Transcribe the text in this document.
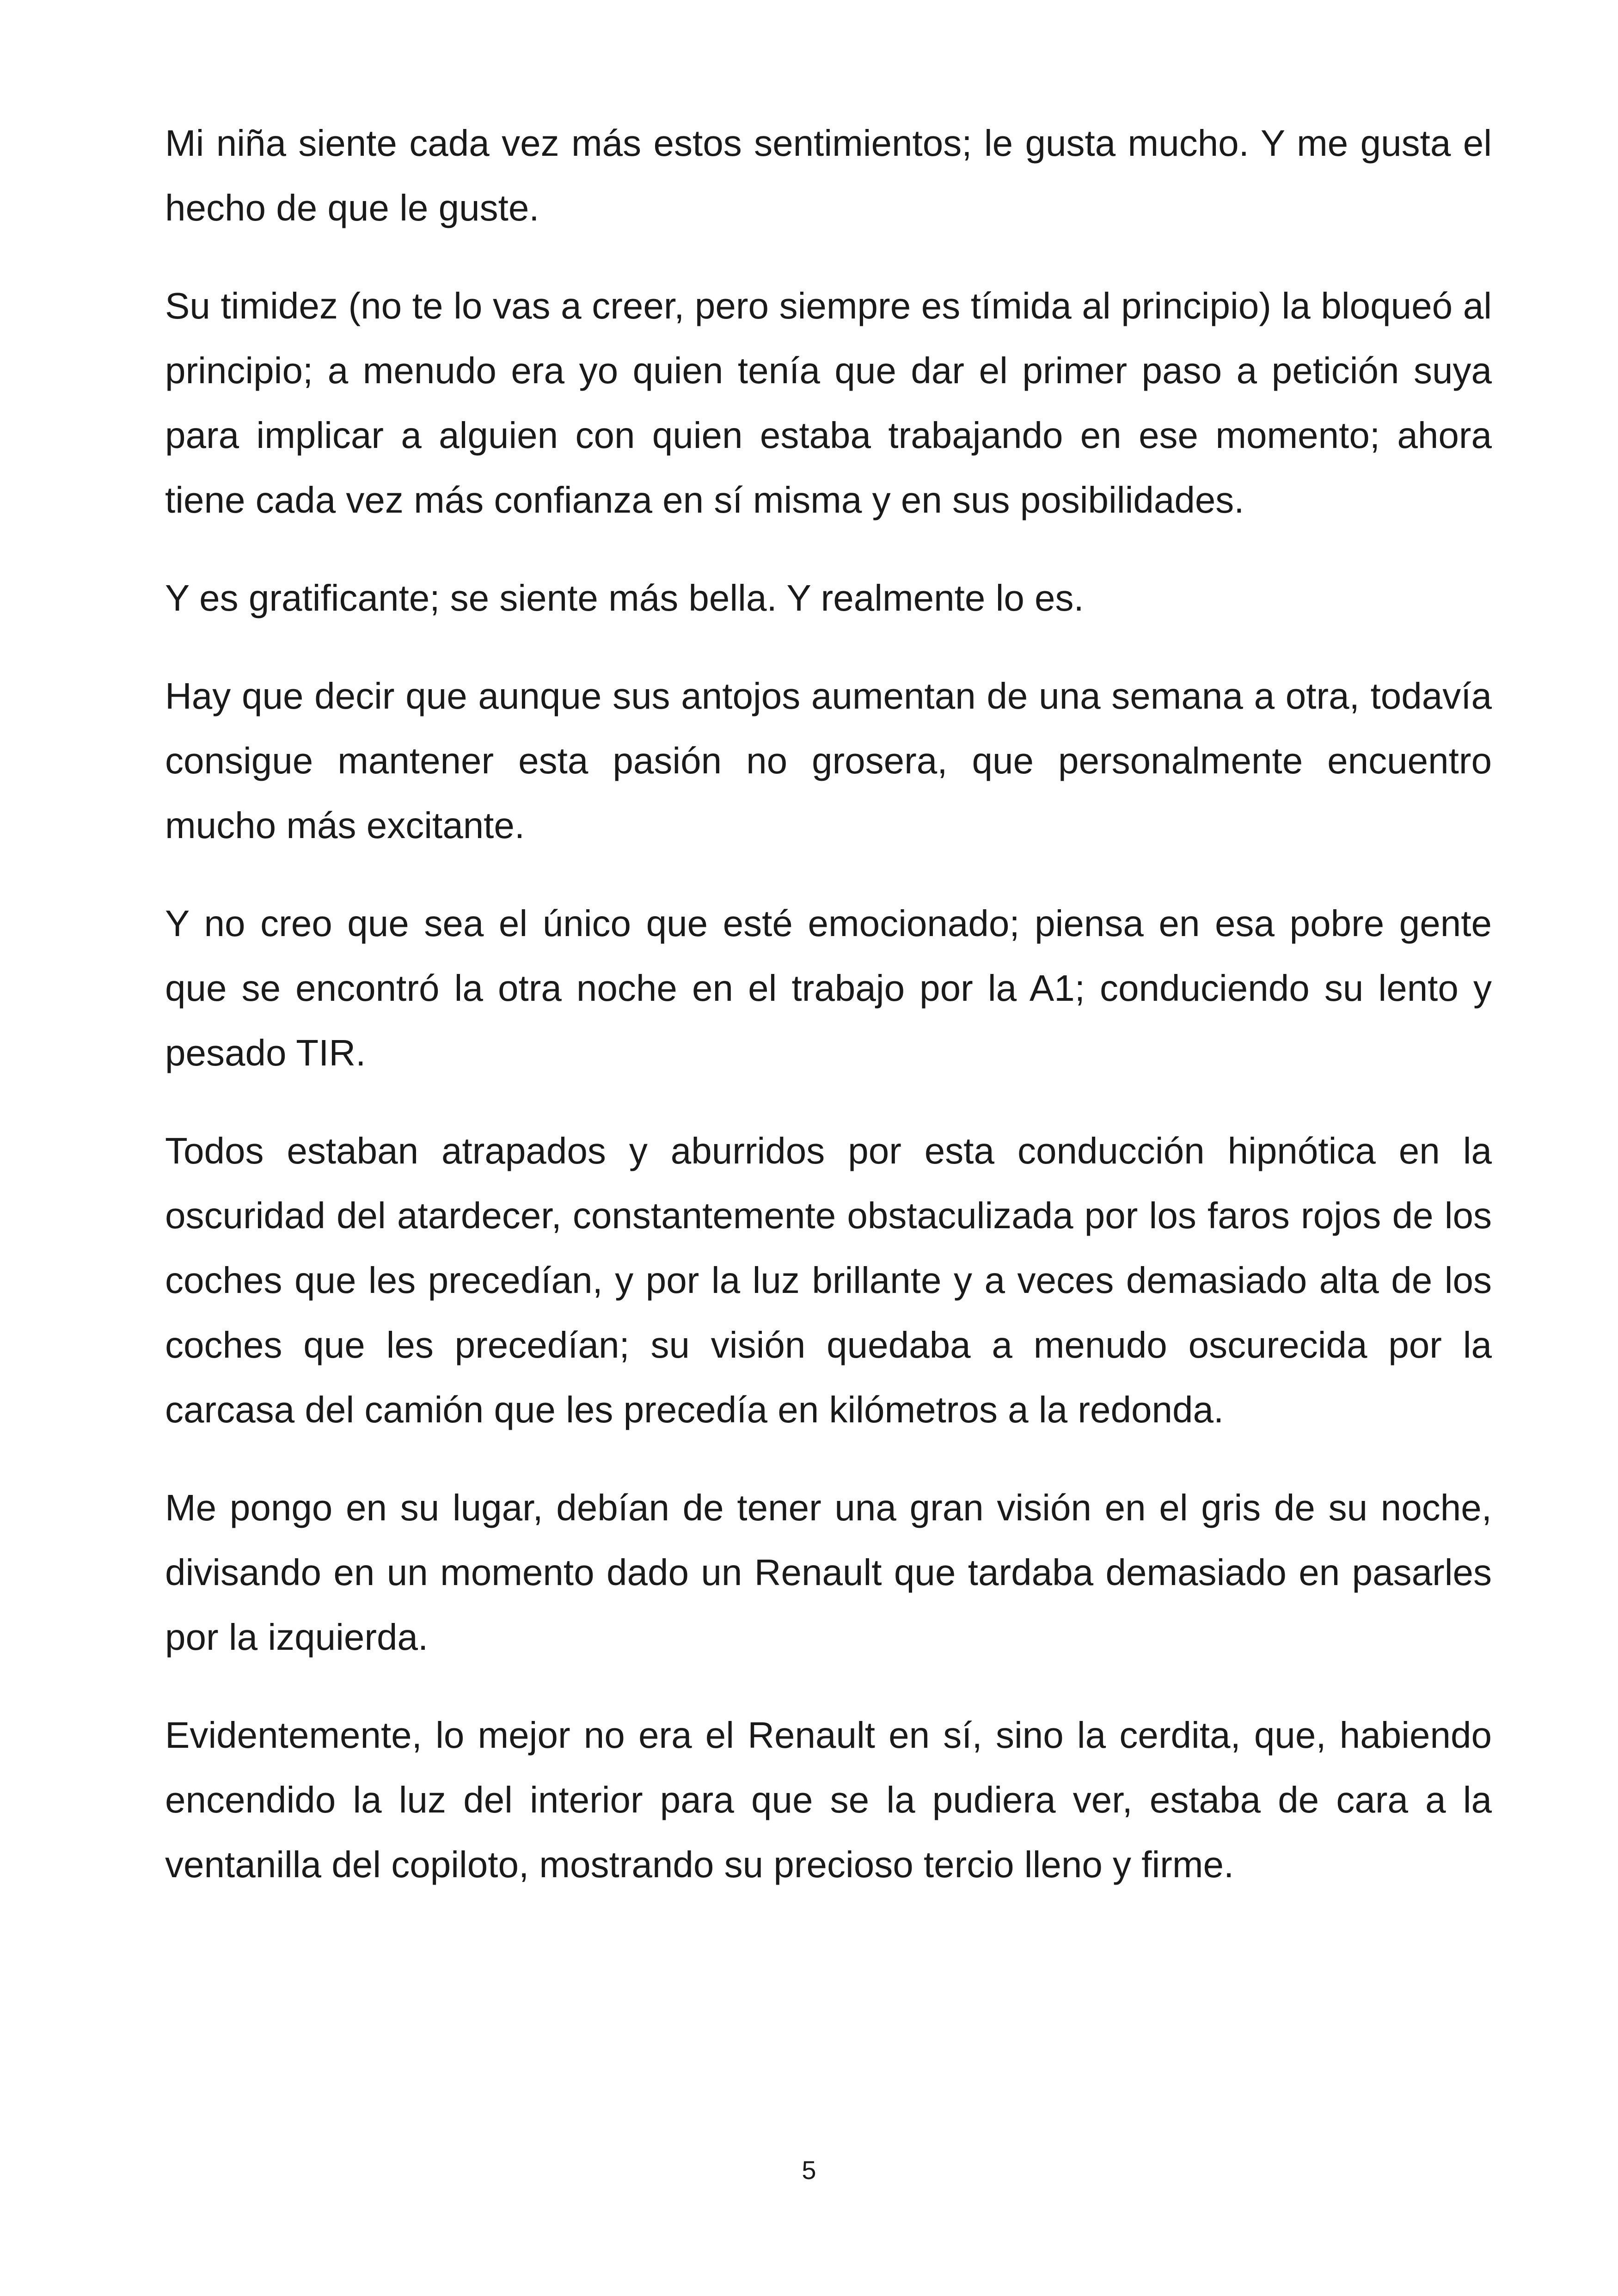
Mi niña siente cada vez más estos sentimientos; le gusta mucho. Y me gusta el hecho de que le guste.

Su timidez (no te lo vas a creer, pero siempre es tímida al principio) la bloqueó al principio; a menudo era yo quien tenía que dar el primer paso a petición suya para implicar a alguien con quien estaba trabajando en ese momento; ahora tiene cada vez más confianza en sí misma y en sus posibilidades.

Y es gratificante; se siente más bella. Y realmente lo es.

Hay que decir que aunque sus antojos aumentan de una semana a otra, todavía consigue mantener esta pasión no grosera, que personalmente encuentro mucho más excitante.

Y no creo que sea el único que esté emocionado; piensa en esa pobre gente que se encontró la otra noche en el trabajo por la A1; conduciendo su lento y pesado TIR.

Todos estaban atrapados y aburridos por esta conducción hipnótica en la oscuridad del atardecer, constantemente obstaculizada por los faros rojos de los coches que les precedían, y por la luz brillante y a veces demasiado alta de los coches que les precedían; su visión quedaba a menudo oscurecida por la carcasa del camión que les precedía en kilómetros a la redonda.

Me pongo en su lugar, debían de tener una gran visión en el gris de su noche, divisando en un momento dado un Renault que tardaba demasiado en pasarles por la izquierda.

Evidentemente, lo mejor no era el Renault en sí, sino la cerdita, que, habiendo encendido la luz del interior para que se la pudiera ver, estaba de cara a la ventanilla del copiloto, mostrando su precioso tercio lleno y firme.

5
